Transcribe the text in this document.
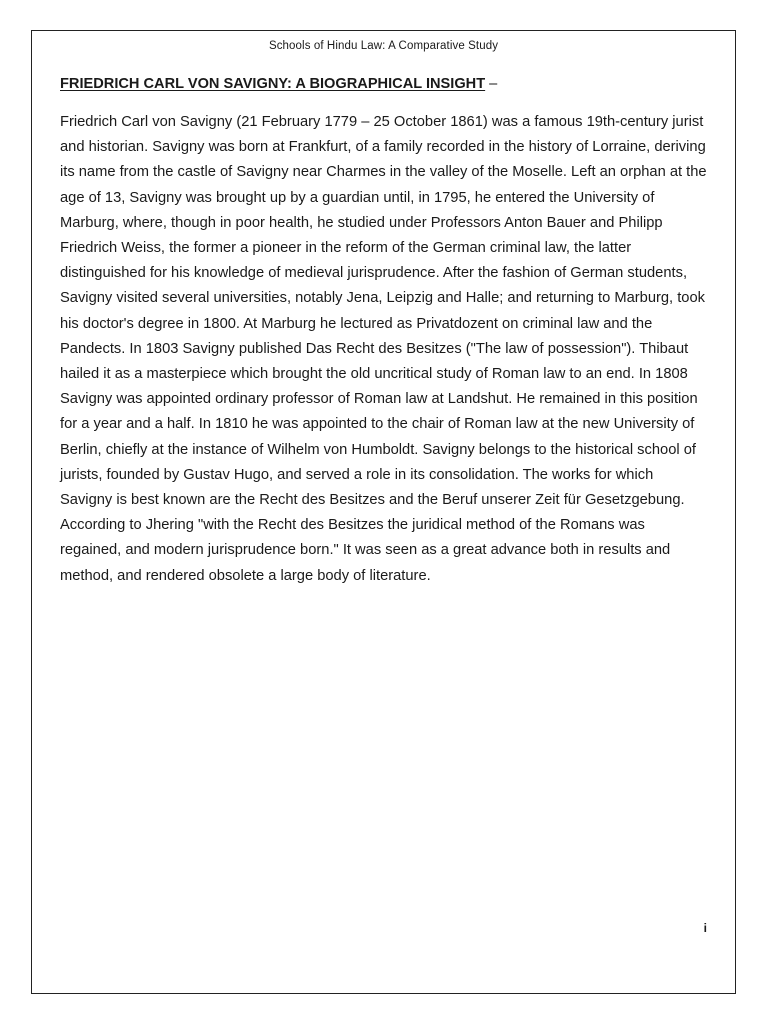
Schools of Hindu Law: A Comparative Study
FRIEDRICH CARL VON SAVIGNY: A BIOGRAPHICAL INSIGHT –

Friedrich Carl von Savigny (21 February 1779 – 25 October 1861) was a famous 19th-century jurist and historian. Savigny was born at Frankfurt, of a family recorded in the history of Lorraine, deriving its name from the castle of Savigny near Charmes in the valley of the Moselle. Left an orphan at the age of 13, Savigny was brought up by a guardian until, in 1795, he entered the University of Marburg, where, though in poor health, he studied under Professors Anton Bauer and Philipp Friedrich Weiss, the former a pioneer in the reform of the German criminal law, the latter distinguished for his knowledge of medieval jurisprudence. After the fashion of German students, Savigny visited several universities, notably Jena, Leipzig and Halle; and returning to Marburg, took his doctor's degree in 1800. At Marburg he lectured as Privatdozent on criminal law and the Pandects. In 1803 Savigny published Das Recht des Besitzes ("The law of possession"). Thibaut hailed it as a masterpiece which brought the old uncritical study of Roman law to an end. In 1808 Savigny was appointed ordinary professor of Roman law at Landshut. He remained in this position for a year and a half. In 1810 he was appointed to the chair of Roman law at the new University of Berlin, chiefly at the instance of Wilhelm von Humboldt. Savigny belongs to the historical school of jurists, founded by Gustav Hugo, and served a role in its consolidation. The works for which Savigny is best known are the Recht des Besitzes and the Beruf unserer Zeit für Gesetzgebung. According to Jhering "with the Recht des Besitzes the juridical method of the Romans was regained, and modern jurisprudence born." It was seen as a great advance both in results and method, and rendered obsolete a large body of literature.

i
